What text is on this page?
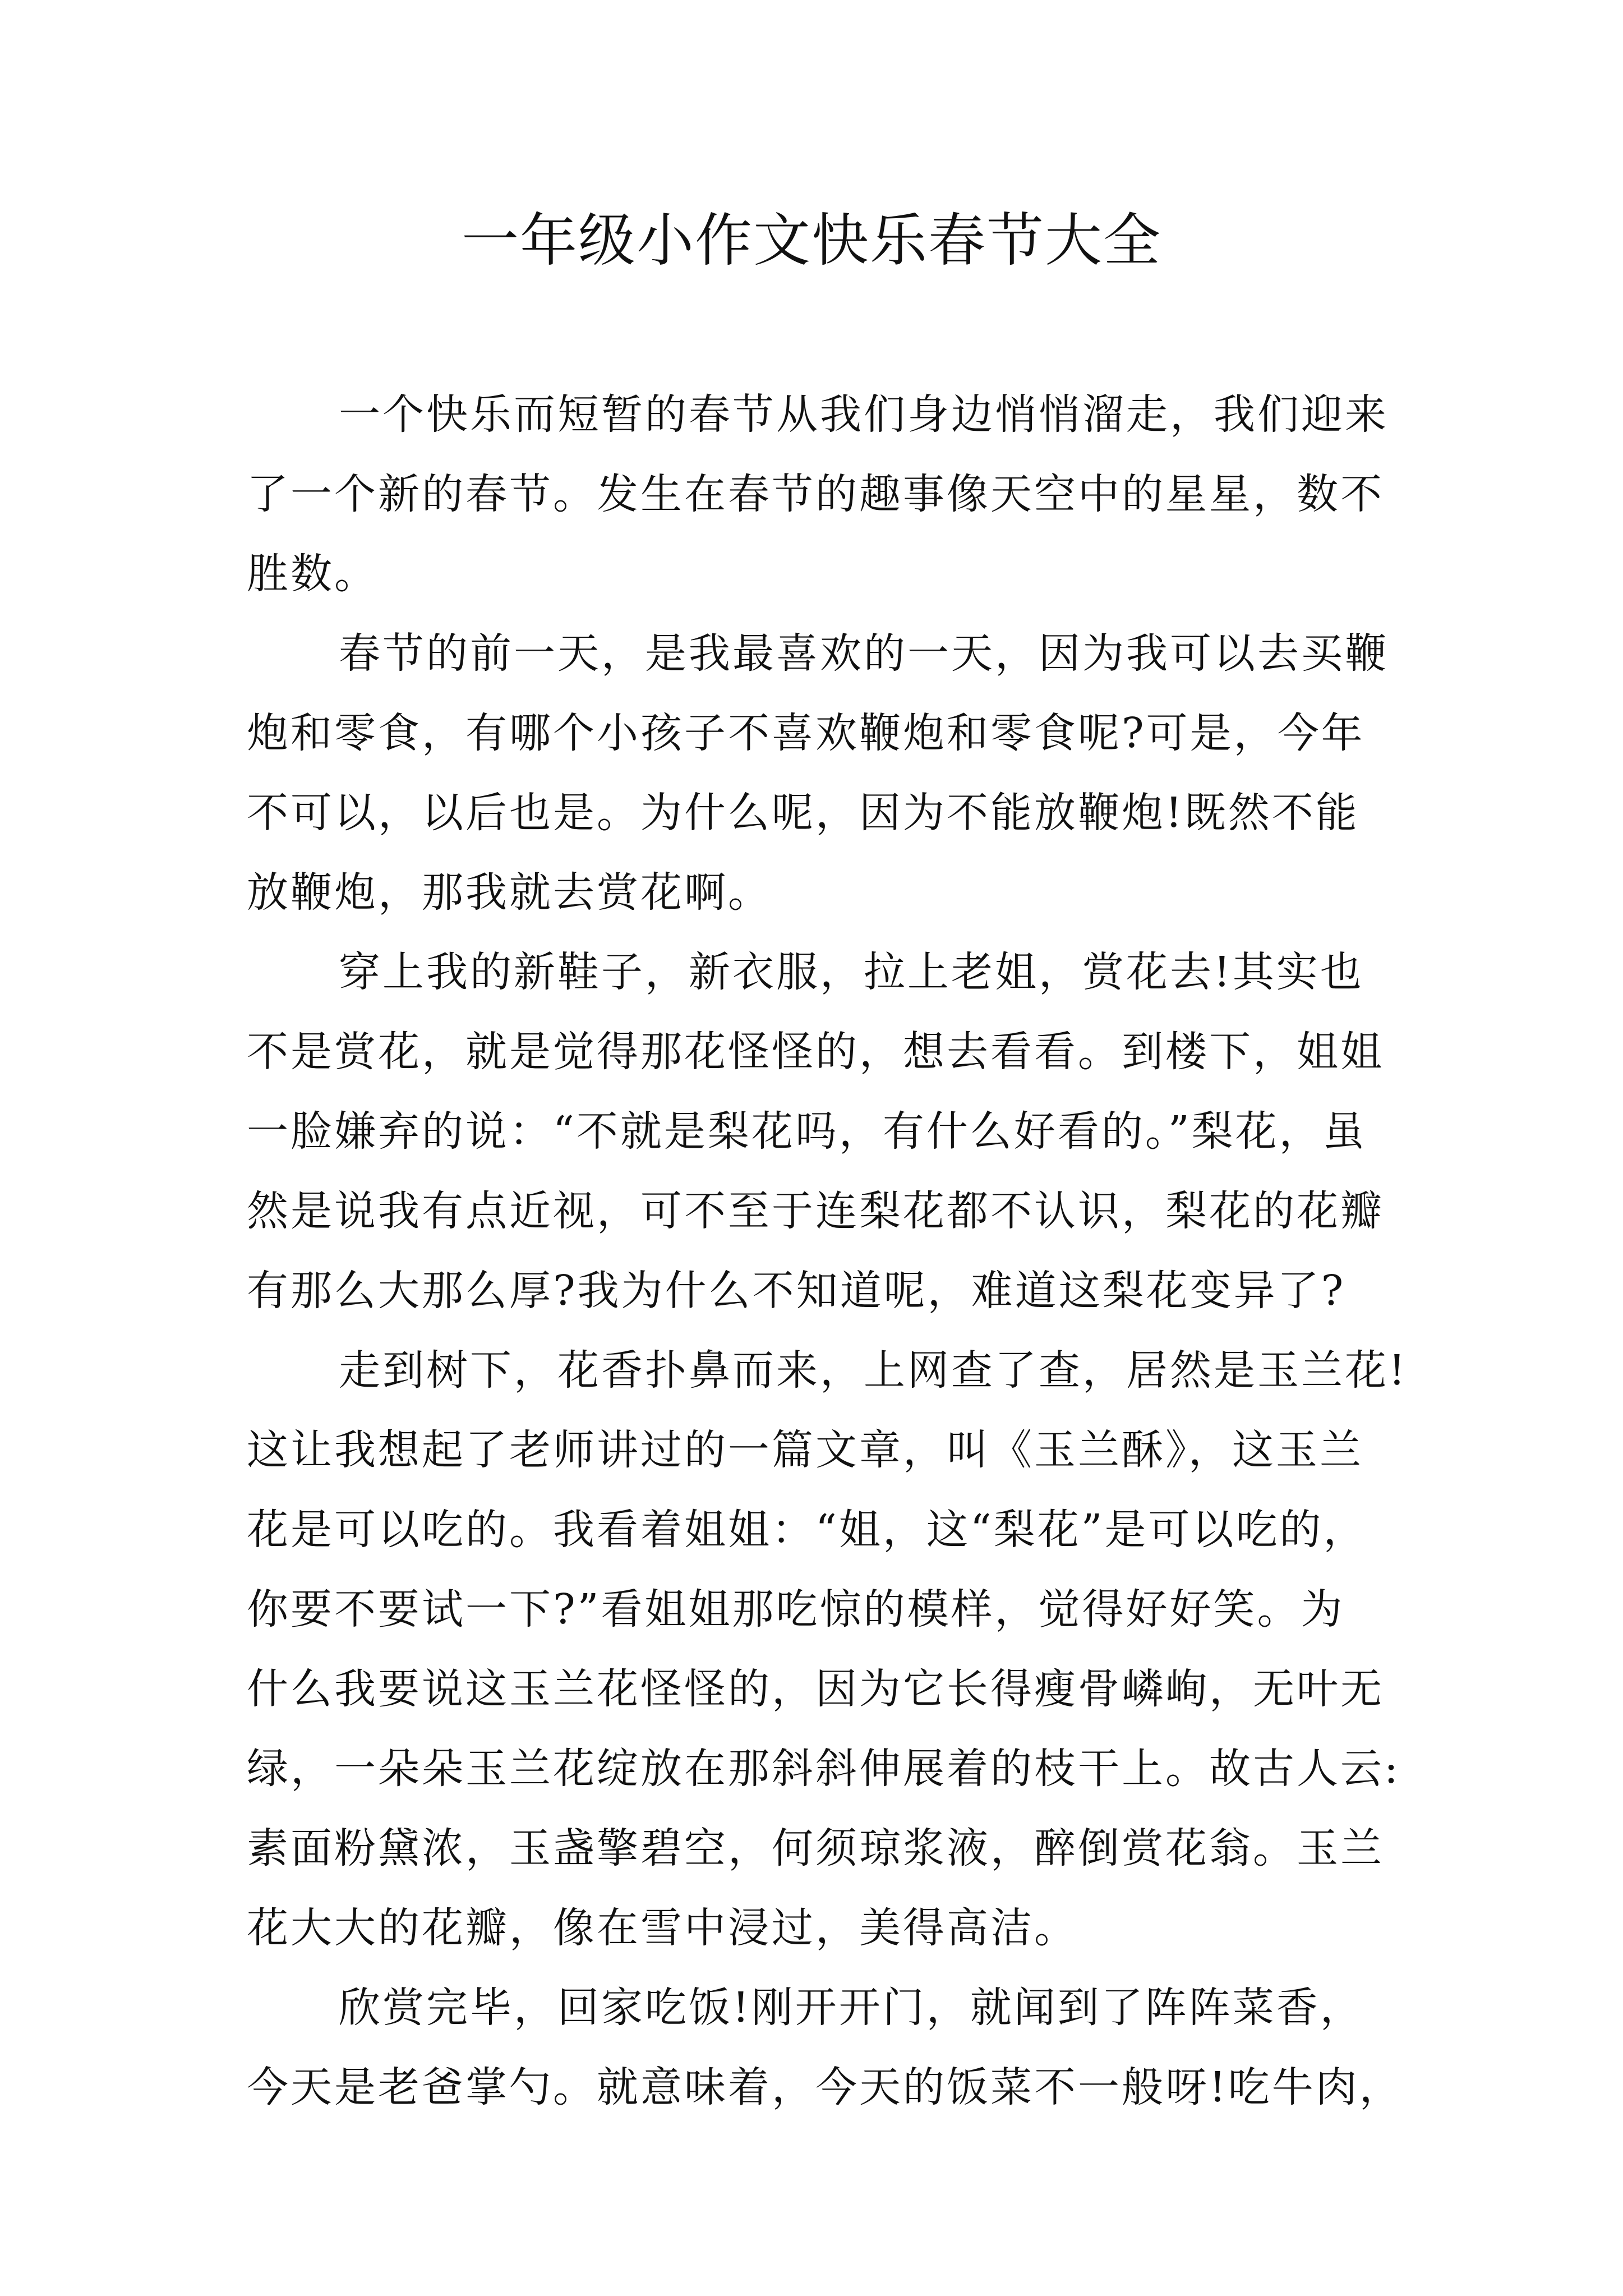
一年级小作文快乐春节大全
一个快乐而短暂的春节从我们身边悄悄溜走，我们迎来
了一个新的春节。发生在春节的趣事像天空中的星星，数不
胜数。
春节的前一天，是我最喜欢的一天，因为我可以去买鞭
炮和零食，有哪个小孩子不喜欢鞭炮和零食呢?可是，今年
不可以，以后也是。为什么呢，因为不能放鞭炮!既然不能
放鞭炮，那我就去赏花啊。
穿上我的新鞋子，新衣服，拉上老姐，赏花去!其实也
不是赏花，就是觉得那花怪怪的，想去看看。到楼下，姐姐
一脸嫌弃的说：“不就是梨花吗，有什么好看的。”梨花，虽
然是说我有点近视，可不至于连梨花都不认识，梨花的花瓣
有那么大那么厚?我为什么不知道呢，难道这梨花变异了?
走到树下，花香扑鼻而来，上网查了查，居然是玉兰花!
这让我想起了老师讲过的一篇文章，叫《玉兰酥》，这玉兰
花是可以吃的。我看着姐姐：“姐，这“梨花”是可以吃的，
你要不要试一下?”看姐姐那吃惊的模样，觉得好好笑。为
什么我要说这玉兰花怪怪的，因为它长得瘦骨嶙峋，无叶无
绿，一朵朵玉兰花绽放在那斜斜伸展着的枝干上。故古人云:
素面粉黛浓，玉盏擎碧空，何须琼浆液，醉倒赏花翁。玉兰
花大大的花瓣，像在雪中浸过，美得高洁。
欣赏完毕，回家吃饭!刚开开门，就闻到了阵阵菜香，
今天是老爸掌勺。就意味着，今天的饭菜不一般呀!吃牛肉，
